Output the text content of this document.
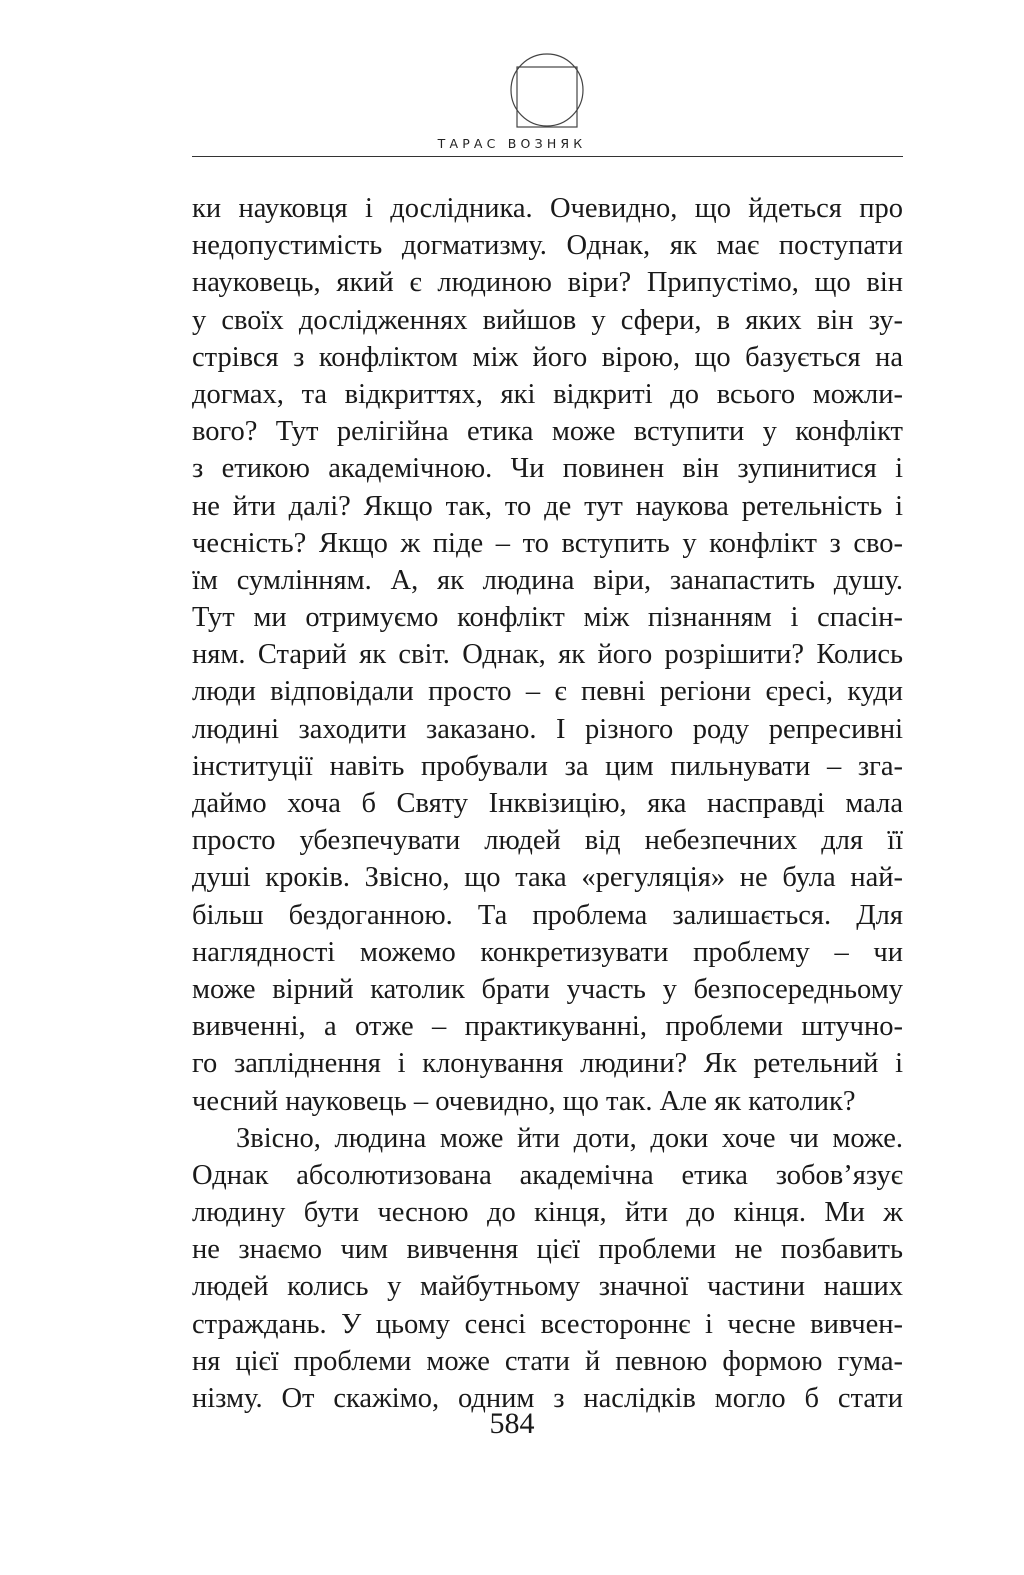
ТАРАС ВОЗНЯК
ки науковця і дослідника. Очевидно, що йдеться про
недопустимість догматизму. Однак, як має поступати
науковець, який є людиною віри? Припустімо, що він
у своїх дослідженнях вийшов у сфери, в яких він зу-
стрівся з конфліктом між його вірою, що базується на
догмах, та відкриттях, які відкриті до всього можли-
вого? Тут релігійна етика може вступити у конфлікт
з етикою академічною. Чи повинен він зупинитися і
не йти далі? Якщо так, то де тут наукова ретельність і
чесність? Якщо ж піде – то вступить у конфлікт з сво-
їм сумлінням. А, як людина віри, занапастить душу.
Тут ми отримуємо конфлікт між пізнанням і спасін-
ням. Старий як світ. Однак, як його розрішити? Колись
люди відповідали просто – є певні регіони єресі, куди
людині заходити заказано. І різного роду репресивні
інституції навіть пробували за цим пильнувати – зга-
даймо хоча б Святу Інквізицію, яка насправді мала
просто убезпечувати людей від небезпечних для її
душі кроків. Звісно, що така «регуляція» не була най-
більш бездоганною. Та проблема залишається. Для
наглядності можемо конкретизувати проблему – чи
може вірний католик брати участь у безпосередньому
вивченні, а отже – практикуванні, проблеми штучно-
го запліднення і клонування людини? Як ретельний і
чесний науковець – очевидно, що так. Але як католик?
Звісно, людина може йти доти, доки хоче чи може.
Однак абсолютизована академічна етика зобов’язує
людину бути чесною до кінця, йти до кінця. Ми ж
не знаємо чим вивчення цієї проблеми не позбавить
людей колись у майбутньому значної частини наших
страждань. У цьому сенсі всестороннє і чесне вивчен-
ня цієї проблеми може стати й певною формою гума-
нізму. От скажімо, одним з наслідків могло б стати
584
